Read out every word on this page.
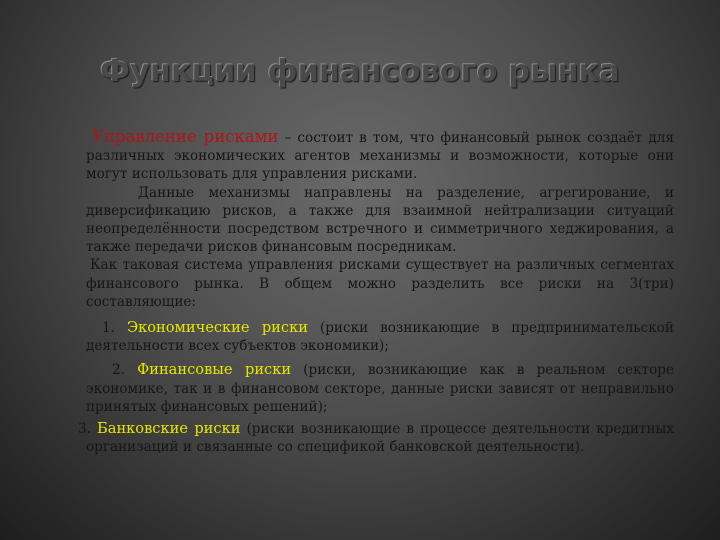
Функции финансового рынка

Управление рисками – состоит в том, что финансовый рынок создаёт для различных экономических агентов механизмы и возможности, которые они могут использовать для управления рисками.

Данные механизмы направлены на разделение, агрегирование, и диверсификацию рисков, а также для взаимной нейтрализации ситуаций неопределённости посредством встречного и симметричного хеджирования, а также передачи рисков финансовым посредникам.

Как таковая система управления рисками существует на различных сегментах финансового рынка. В общем можно разделить все риски на 3(три) составляющие:

1. Экономические риски (риски возникающие в предпринимательской деятельности всех субъектов экономики);

2. Финансовые риски (риски, возникающие как в реальном секторе экономике, так и в финансовом секторе, данные риски зависят от неправильно принятых финансовых решений);

3. Банковские риски (риски возникающие в процессе деятельности кредитных организаций и связанные со спецификой банковской деятельности).
